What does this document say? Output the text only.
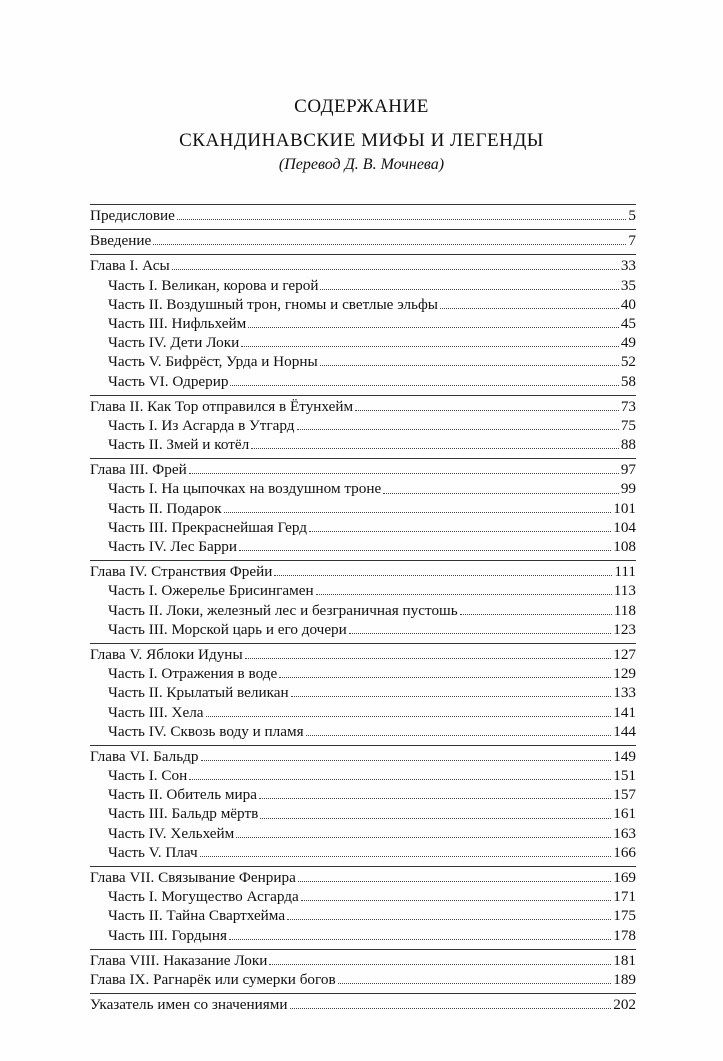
СОДЕРЖАНИЕ
СКАНДИНАВСКИЕ МИФЫ И ЛЕГЕНДЫ
(Перевод Д. В. Мочнева)
Предисловие	5
Введение	7
Глава I. Асы	33
Часть I. Великан, корова и герой	35
Часть II. Воздушный трон, гномы и светлые эльфы	40
Часть III. Нифльхейм	45
Часть IV. Дети Локи	49
Часть V. Бифрёст, Урда и Норны	52
Часть VI. Одрерир	58
Глава II. Как Тор отправился в Ётунхейм	73
Часть I. Из Асгарда в Утгард	75
Часть II. Змей и котёл	88
Глава III. Фрей	97
Часть I. На цыпочках на воздушном троне	99
Часть II. Подарок	101
Часть III. Прекраснейшая Герд	104
Часть IV. Лес Барри	108
Глава IV. Странствия Фрейи	111
Часть I. Ожерелье Брисингамен	113
Часть II. Локи, железный лес и безграничная пустошь	118
Часть III. Морской царь и его дочери	123
Глава V. Яблоки Идуны	127
Часть I. Отражения в воде	129
Часть II. Крылатый великан	133
Часть III. Хела	141
Часть IV. Сквозь воду и пламя	144
Глава VI. Бальдр	149
Часть I. Сон	151
Часть II. Обитель мира	157
Часть III. Бальдр мёртв	161
Часть IV. Хельхейм	163
Часть V. Плач	166
Глава VII. Связывание Фенрира	169
Часть I. Могущество Асгарда	171
Часть II. Тайна Свартхейма	175
Часть III. Гордыня	178
Глава VIII. Наказание Локи	181
Глава IX. Рагнарёк или сумерки богов	189
Указатель имен со значениями	202
